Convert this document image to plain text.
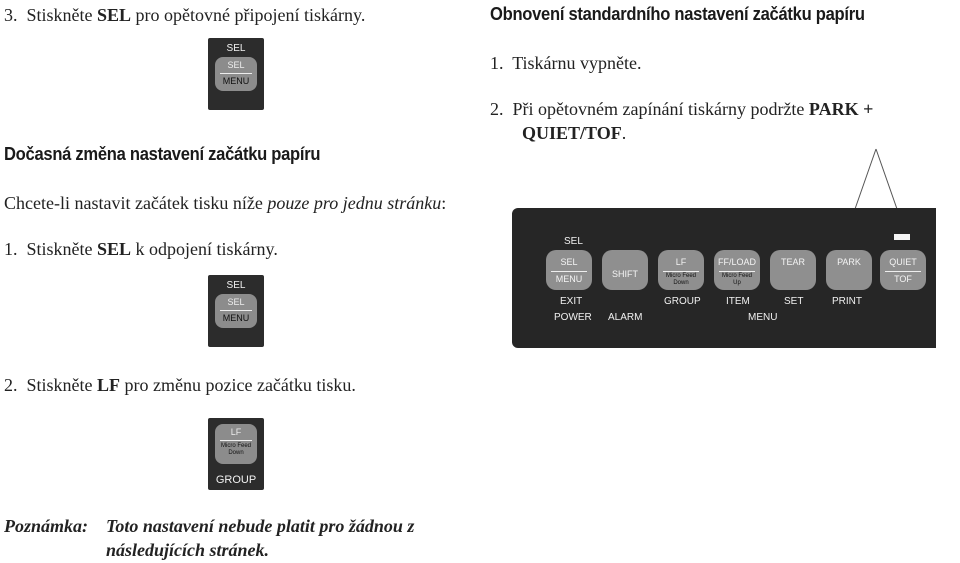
3. Stiskněte SEL pro opětovné připojení tiskárny.
SEL
SEL
MENU
Dočasná změna nastavení začátku papíru
Chcete-li nastavit začátek tisku níže pouze pro jednu stránku:
1. Stiskněte SEL k odpojení tiskárny.
SEL
SEL
MENU
2. Stiskněte LF pro změnu pozice začátku tisku.
LF
Micro Feed
Down
GROUP
Poznámka: Toto nastavení nebude platit pro žádnou z
následujících stránek.
Obnovení standardního nastavení začátku papíru
1. Tiskárnu vypněte.
2. Při opětovném zapínání tiskárny podržte PARK +
QUIET/TOF.
SEL
SEL
MENU	SHIFT
LF
Micro Feed
Down
FF/LOAD
Micro Feed
Up
TEAR	PARK	QUIET
TOF
EXIT
POWER ALARM
GROUP	ITEM	SET	PRINT
MENU
